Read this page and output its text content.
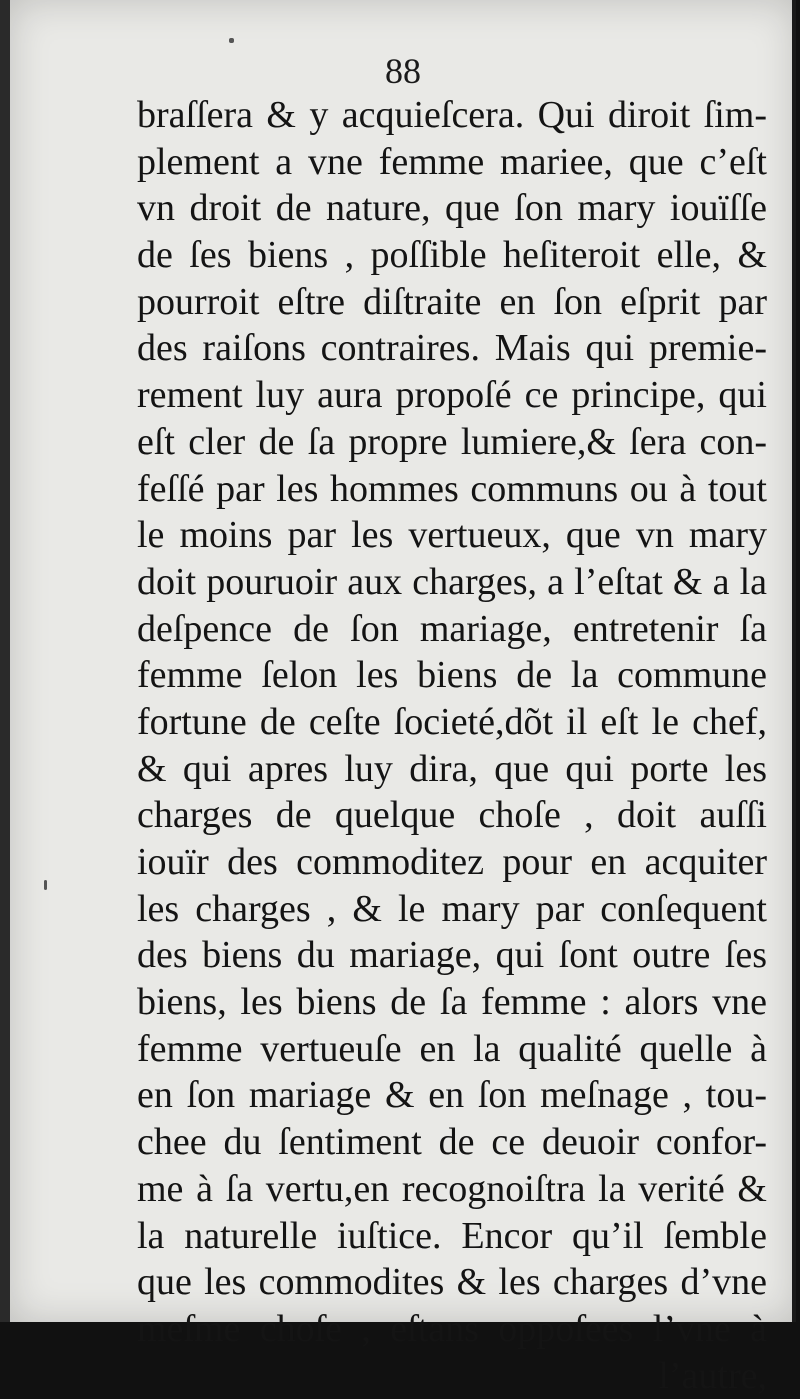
88
braſſera & y acquieſcera. Qui diroit ſim-
plement a vne femme mariee, que c’eſt
vn droit de nature, que ſon mary iouïſſe
de ſes biens , poſſible heſiteroit elle, &
pourroit eſtre diſtraite en ſon eſprit par
des raiſons contraires. Mais qui premie-
rement luy aura propoſé ce principe, qui
eſt cler de ſa propre lumiere,& ſera con-
feſſé par les hommes communs ou à tout
le moins par les vertueux, que vn mary
doit pouruoir aux charges, a l’eſtat & a la
deſpence de ſon mariage, entretenir ſa
femme ſelon les biens de la commune
fortune de ceſte ſocieté,dõt il eſt le chef,
& qui apres luy dira, que qui porte les
charges de quelque choſe , doit auſſi
iouïr des commoditez pour en acquiter
les charges , & le mary par conſequent
des biens du mariage, qui ſont outre ſes
biens, les biens de ſa femme : alors vne
femme vertueuſe en la qualité quelle à
en ſon mariage & en ſon meſnage , tou-
chee du ſentiment de ce deuoir confor-
me à ſa vertu,en recognoiſtra la verité &
la naturelle iuſtice. Encor qu’il ſemble
que les commodites & les charges d’vne
meſme choſe , eſtans oppoſees l’vne à
l’autre,
